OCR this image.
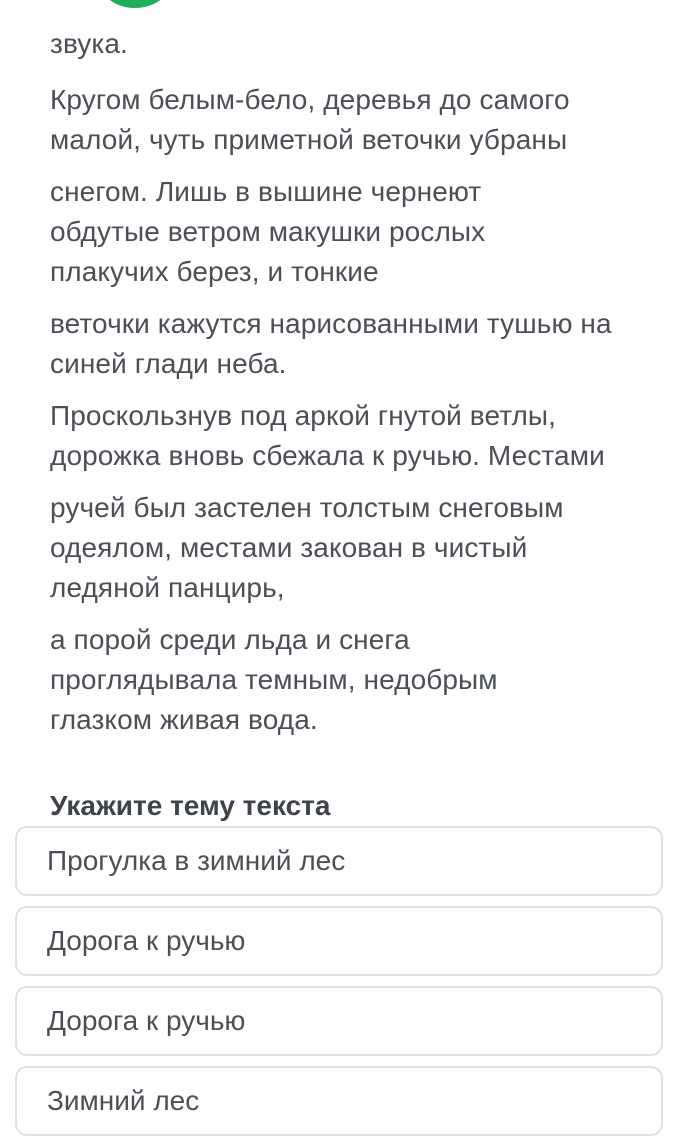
звука.

Кругом белым-бело, деревья до самого малой, чуть приметной веточки убраны

снегом. Лишь в вышине чернеют обдутые ветром макушки рослых плакучих берез, и тонкие

веточки кажутся нарисованными тушью на синей глади неба.

Проскользнув под аркой гнутой ветлы, дорожка вновь сбежала к ручью. Местами

ручей был застелен толстым снеговым одеялом, местами закован в чистый ледяной панцирь,

а порой среди льда и снега проглядывала темным, недобрым глазком живая вода.

Укажите тему текста

Прогулка в зимний лес
Дорога к ручью
Дорога к ручью
Зимний лес
